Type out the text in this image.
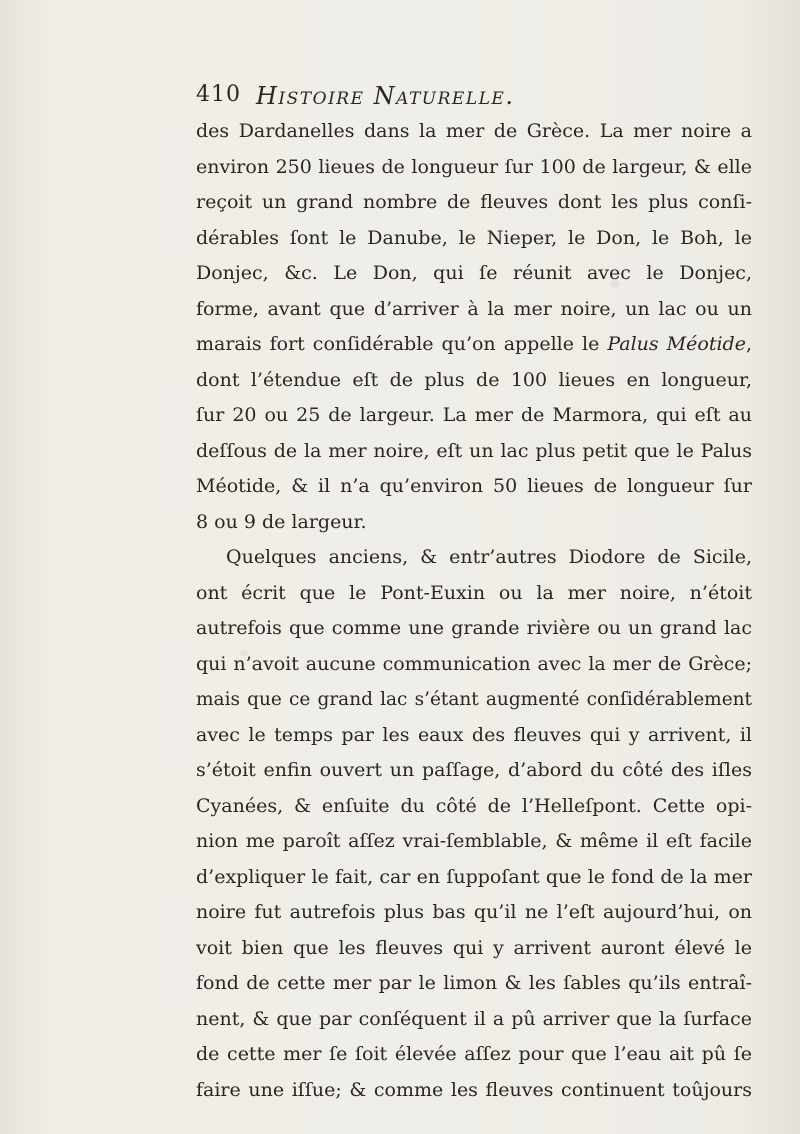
410 Histoire Naturelle.
des Dardanelles dans la mer de Grèce. La mer noire a
environ 250 lieues de longueur ſur 100 de largeur, & elle
reçoit un grand nombre de fleuves dont les plus conſi-
dérables ſont le Danube, le Nieper, le Don, le Boh, le
Donjec, &c. Le Don, qui ſe réunit avec le Donjec,
forme, avant que d’arriver à la mer noire, un lac ou un
marais fort conſidérable qu’on appelle le Palus Méotide,
dont l’étendue eſt de plus de 100 lieues en longueur,
ſur 20 ou 25 de largeur. La mer de Marmora, qui eſt au
deſſous de la mer noire, eſt un lac plus petit que le Palus
Méotide, & il n’a qu’environ 50 lieues de longueur ſur
8 ou 9 de largeur.
Quelques anciens, & entr’autres Diodore de Sicile,
ont écrit que le Pont-Euxin ou la mer noire, n’étoit
autrefois que comme une grande rivière ou un grand lac
qui n’avoit aucune communication avec la mer de Grèce;
mais que ce grand lac s’étant augmenté conſidérablement
avec le temps par les eaux des fleuves qui y arrivent, il
s’étoit enfin ouvert un paſſage, d’abord du côté des iſles
Cyanées, & enſuite du côté de l’Helleſpont. Cette opi-
nion me paroît aſſez vrai-ſemblable, & même il eſt facile
d’expliquer le fait, car en ſuppoſant que le fond de la mer
noire fut autrefois plus bas qu’il ne l’eſt aujourd’hui, on
voit bien que les fleuves qui y arrivent auront élevé le
fond de cette mer par le limon & les ſables qu’ils entraî-
nent, & que par conſéquent il a pû arriver que la ſurface
de cette mer ſe ſoit élevée aſſez pour que l’eau ait pû ſe
faire une iſſue; & comme les fleuves continuent toûjours
